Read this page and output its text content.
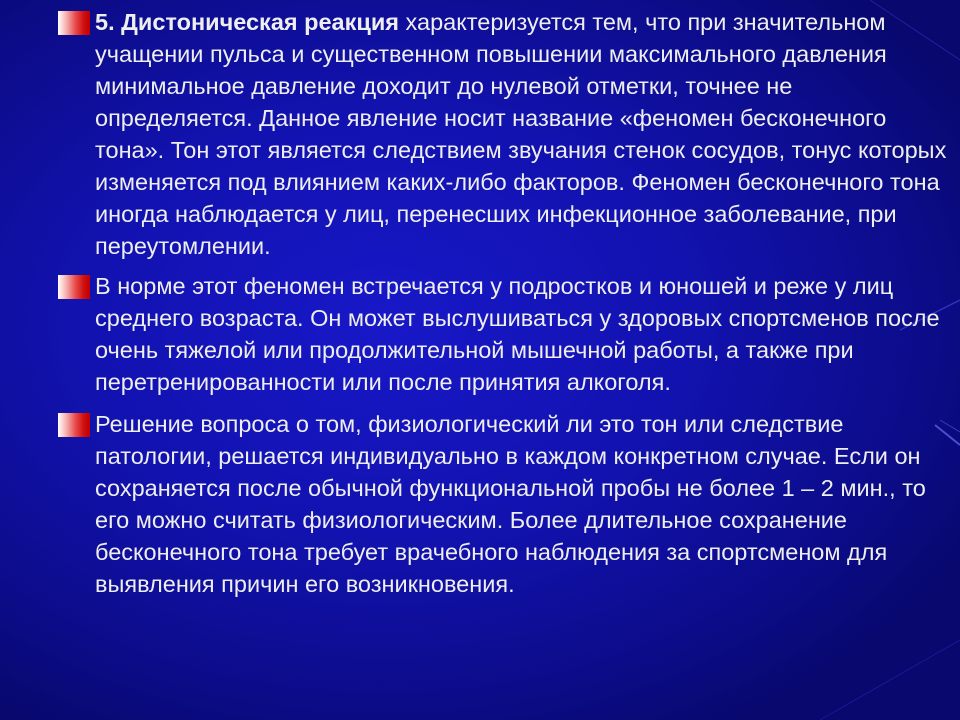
5. Дистоническая реакция характеризуется тем, что при значительном учащении пульса и существенном повышении максимального давления минимальное давление доходит до нулевой отметки, точнее не определяется. Данное явление носит название «феномен бесконечного тона». Тон этот является следствием звучания стенок сосудов, тонус которых изменяется под влиянием каких-либо факторов. Феномен бесконечного тона иногда наблюдается у лиц, перенесших инфекционное заболевание, при переутомлении.

В норме этот феномен встречается у подростков и юношей и реже у лиц среднего возраста. Он может выслушиваться у здоровых спортсменов после очень тяжелой или продолжительной мышечной работы, а также при перетренированности или после принятия алкоголя.

Решение вопроса о том, физиологический ли это тон или следствие патологии, решается индивидуально в каждом конкретном случае. Если он сохраняется после обычной функциональной пробы не более 1 – 2 мин., то его можно считать физиологическим. Более длительное сохранение бесконечного тона требует врачебного наблюдения за спортсменом для выявления причин его возникновения.
